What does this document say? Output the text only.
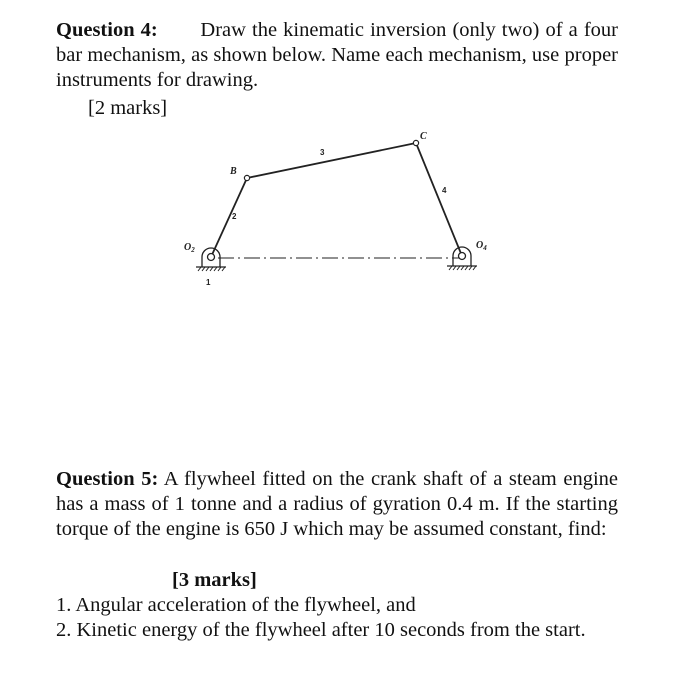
Question 4: Draw the kinematic inversion (only two) of a four bar mechanism, as shown below. Name each mechanism, use proper instruments for drawing.
[2 marks]
B
C
$O_2$	$O_4$
1
2
3
4
Question 5: A flywheel fitted on the crank shaft of a steam engine has a mass of 1 tonne and a radius of gyration 0.4 m. If the starting torque of the engine is 650 J which may be assumed constant, find:
[3 marks]
1. Angular acceleration of the flywheel, and
2. Kinetic energy of the flywheel after 10 seconds from the start.
